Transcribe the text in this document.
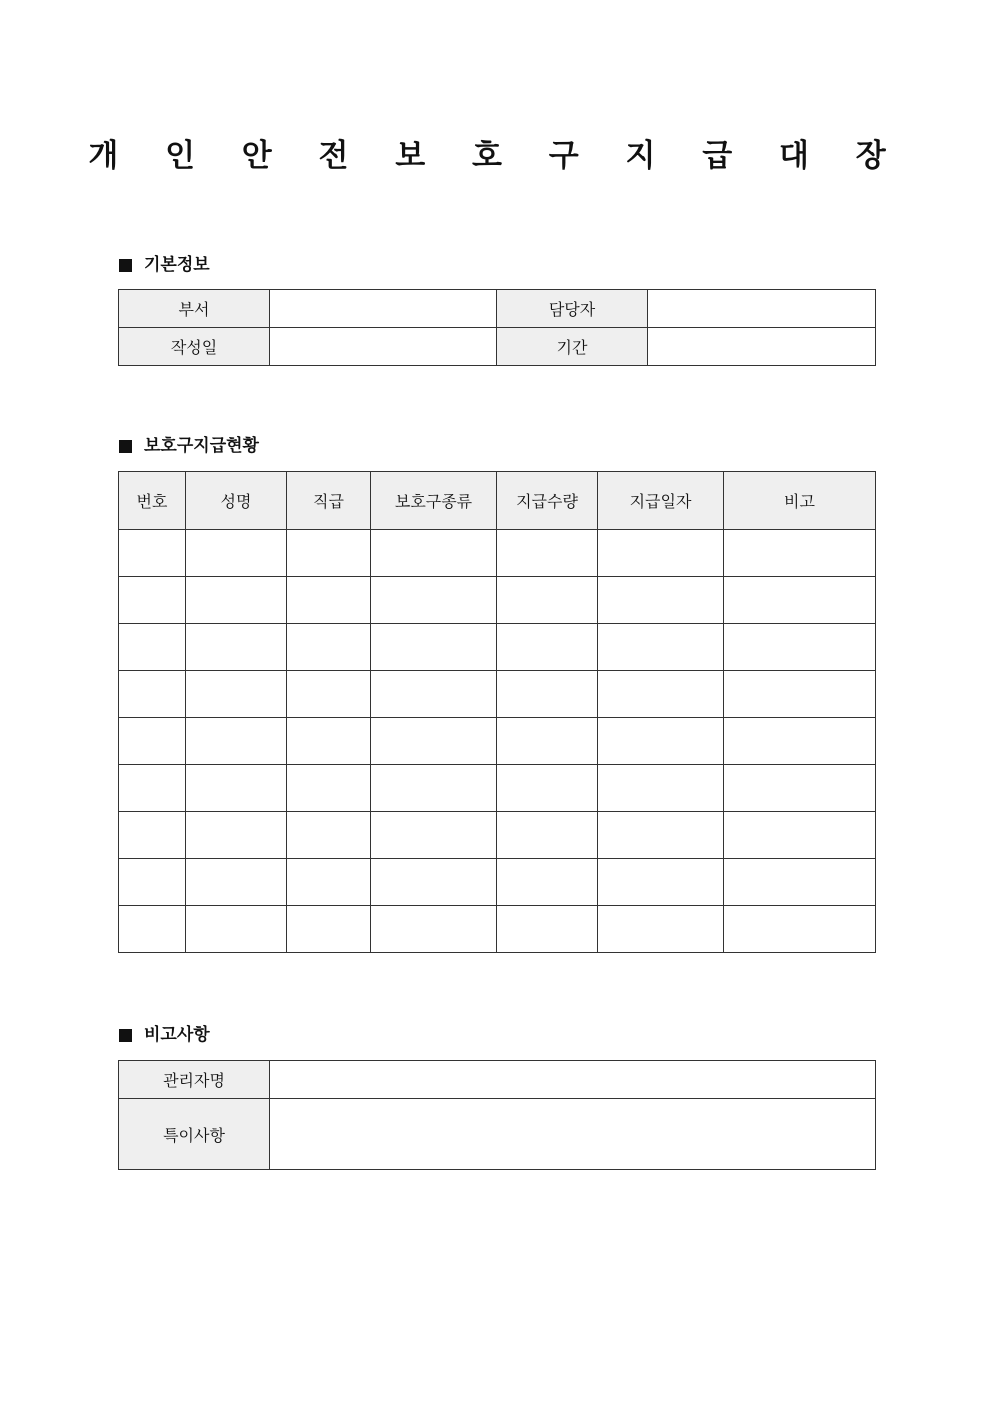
개 인 안 전 보 호 구 지 급 대 장
기본정보
부서		담당자	
작성일		기간	
보호구지급현황
번호	성명	직급	보호구종류	지급수량	지급일자	비고

비고사항
관리자명	
특이사항	
